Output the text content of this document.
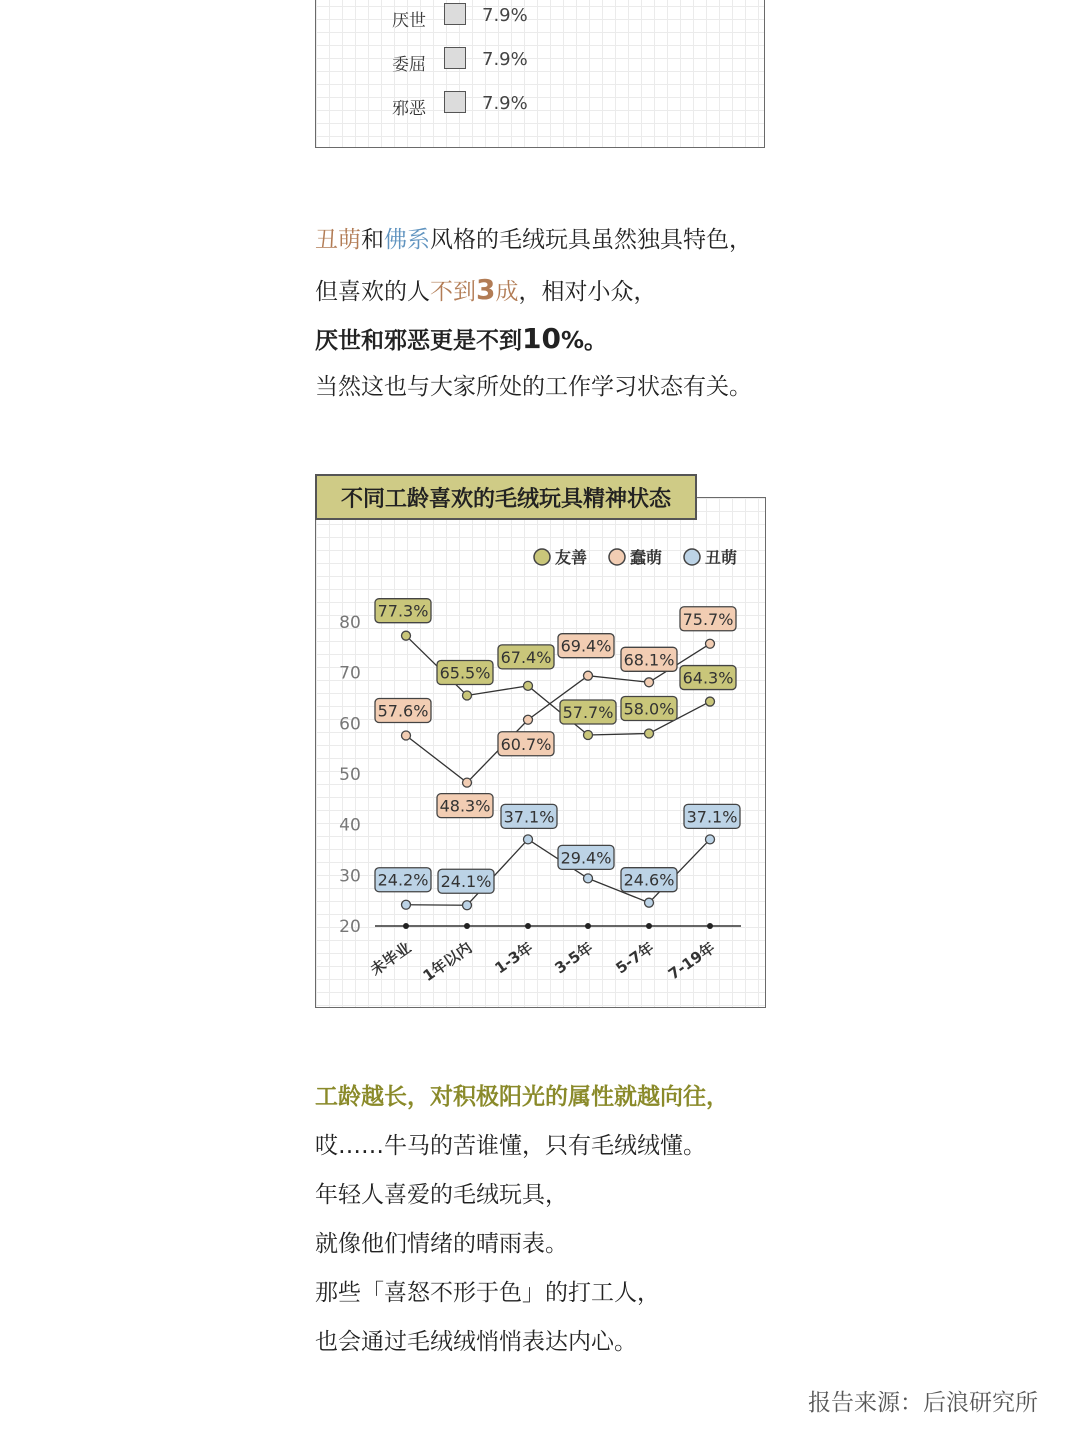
厌世	7.9%
委屈	7.9%
邪恶	7.9%

丑萌和佛系风格的毛绒玩具虽然独具特色，

但喜欢的人不到3成，相对小众，

厌世和邪恶更是不到10%。

当然这也与大家所处的工作学习状态有关。

80
70
60
50
40
30
20
未毕业 1年以内 1-3年 3-5年 5-7年 7-19年
友善	蠢萌	丑萌
77.3%
65.5%
67.4%
57.7% 58.0%
64.3%
57.6%
48.3%
60.7%
69.4%
68.1%
75.7%
24.2% 24.1%
37.1%
29.4%
24.6%
37.1%
不同工龄喜欢的毛绒玩具精神状态

工龄越长，对积极阳光的属性就越向往，

哎……牛马的苦谁懂，只有毛绒绒懂。

年轻人喜爱的毛绒玩具，

就像他们情绪的晴雨表。

那些「喜怒不形于色」的打工人，

也会通过毛绒绒悄悄表达内心。

报告来源：后浪研究所
